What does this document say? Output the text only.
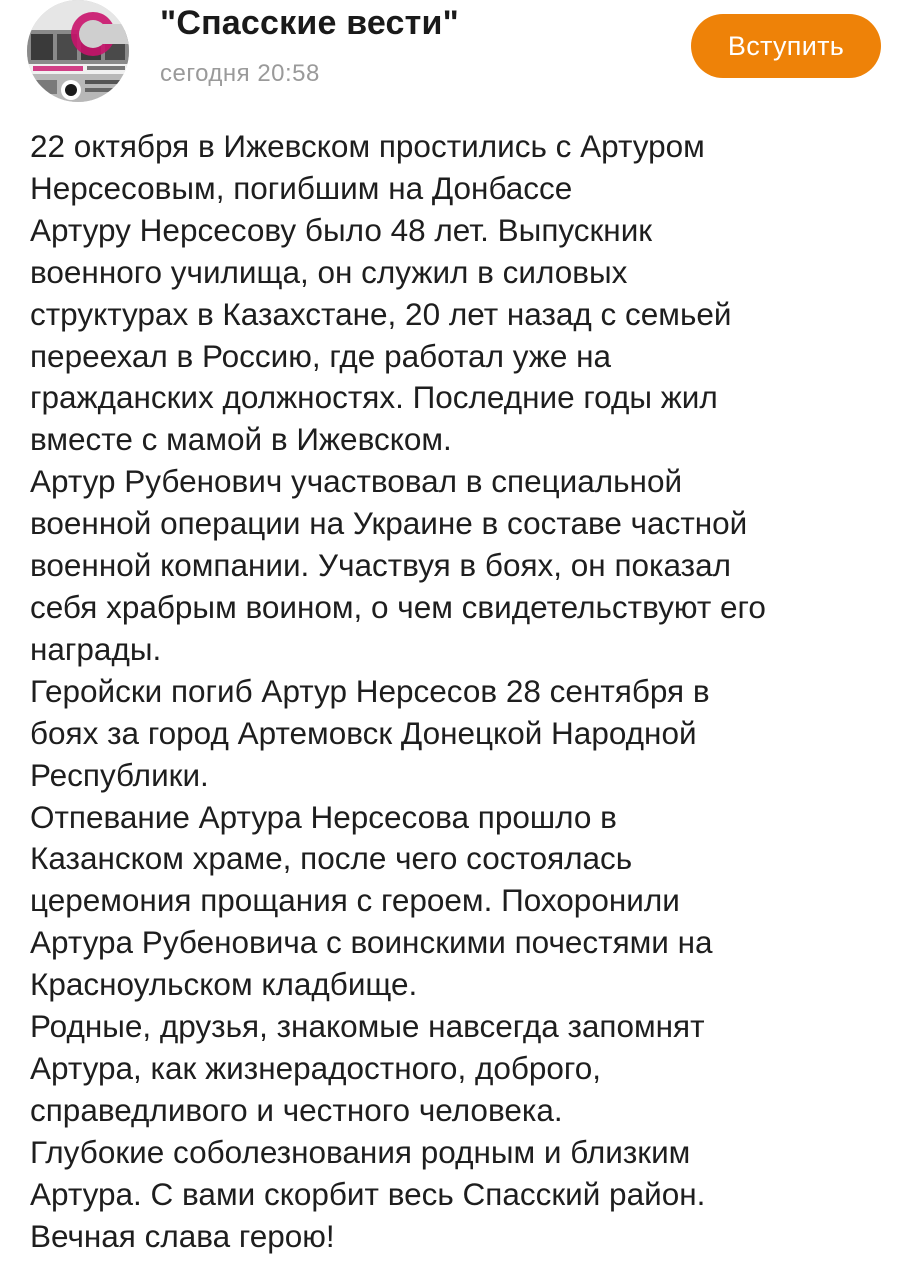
"Спасские вести"
сегодня 20:58
Вступить
22 октября в Ижевском простились с Артуром
Нерсесовым, погибшим на Донбассе
Артуру Нерсесову было 48 лет. Выпускник
военного училища, он служил в силовых
структурах в Казахстане, 20 лет назад с семьей
переехал в Россию, где работал уже на
гражданских должностях. Последние годы жил
вместе с мамой в Ижевском.
Артур Рубенович участвовал в специальной
военной операции на Украине в составе частной
военной компании. Участвуя в боях, он показал
себя храбрым воином, о чем свидетельствуют его
награды.
Геройски погиб Артур Нерсесов 28 сентября в
боях за город Артемовск Донецкой Народной
Республики.
Отпевание Артура Нерсесова прошло в
Казанском храме, после чего состоялась
церемония прощания с героем. Похоронили
Артура Рубеновича с воинскими почестями на
Красноульском кладбище.
Родные, друзья, знакомые навсегда запомнят
Артура, как жизнерадостного, доброго,
справедливого и честного человека.
Глубокие соболезнования родным и близким
Артура. С вами скорбит весь Спасский район.
Вечная слава герою!
